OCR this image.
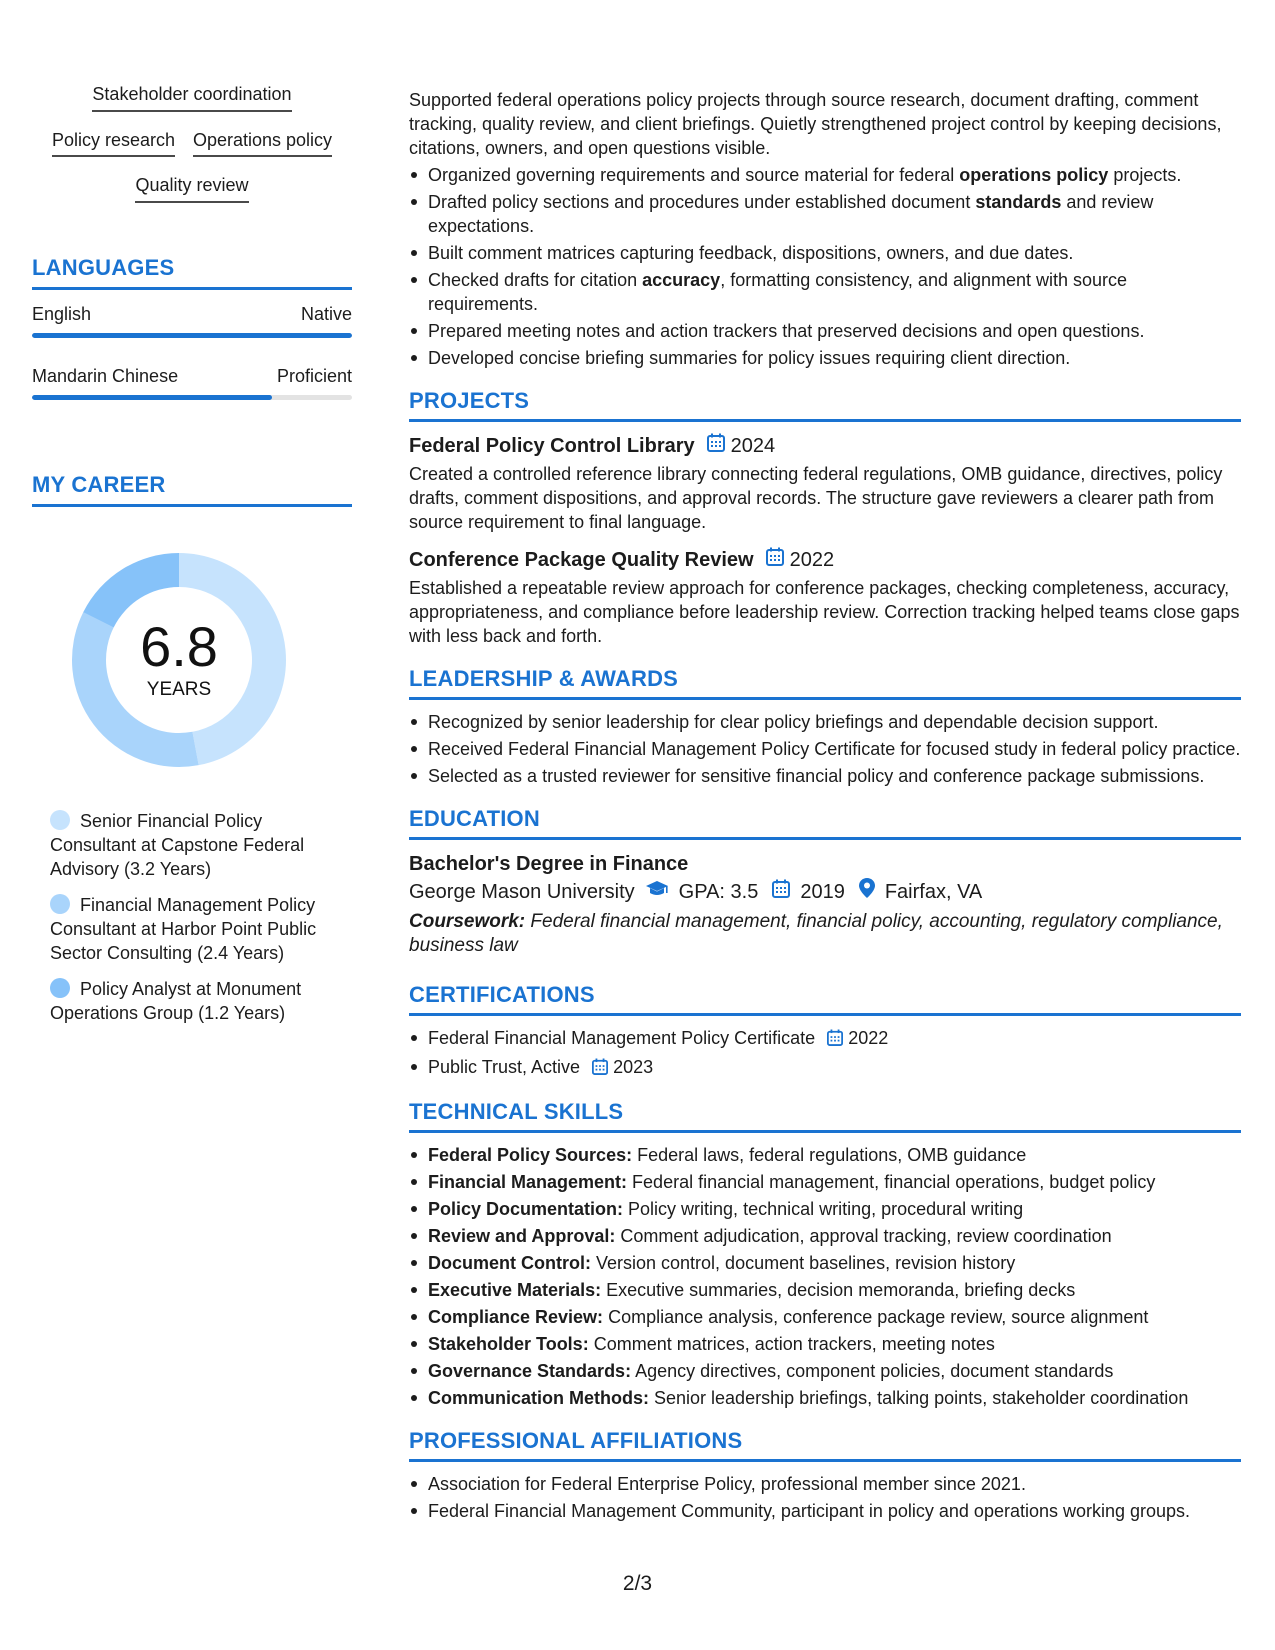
Stakeholder coordination
Policy research Operations policy
Quality review
LANGUAGES
English	Native
Mandarin Chinese	Proficient
MY CAREER
6.8
YEARS
Senior Financial Policy Consultant at Capstone Federal Advisory (3.2 Years)
Financial Management Policy Consultant at Harbor Point Public Sector Consulting (2.4 Years)
Policy Analyst at Monument Operations Group (1.2 Years)
Supported federal operations policy projects through source research, document drafting, comment tracking, quality review, and client briefings. Quietly strengthened project control by keeping decisions, citations, owners, and open questions visible.
Organized governing requirements and source material for federal operations policy projects.
Drafted policy sections and procedures under established document standards and review expectations.
Built comment matrices capturing feedback, dispositions, owners, and due dates.
Checked drafts for citation accuracy, formatting consistency, and alignment with source requirements.
Prepared meeting notes and action trackers that preserved decisions and open questions.
Developed concise briefing summaries for policy issues requiring client direction.
PROJECTS
Federal Policy Control Library 2024
Created a controlled reference library connecting federal regulations, OMB guidance, directives, policy drafts, comment dispositions, and approval records. The structure gave reviewers a clearer path from source requirement to final language.
Conference Package Quality Review 2022
Established a repeatable review approach for conference packages, checking completeness, accuracy, appropriateness, and compliance before leadership review. Correction tracking helped teams close gaps with less back and forth.
LEADERSHIP & AWARDS
Recognized by senior leadership for clear policy briefings and dependable decision support.
Received Federal Financial Management Policy Certificate for focused study in federal policy practice.
Selected as a trusted reviewer for sensitive financial policy and conference package submissions.
EDUCATION
Bachelor's Degree in Finance
George Mason University GPA: 3.5 2019 Fairfax, VA
Coursework: Federal financial management, financial policy, accounting, regulatory compliance, business law
CERTIFICATIONS
Federal Financial Management Policy Certificate 2022
Public Trust, Active 2023
TECHNICAL SKILLS
Federal Policy Sources: Federal laws, federal regulations, OMB guidance
Financial Management: Federal financial management, financial operations, budget policy
Policy Documentation: Policy writing, technical writing, procedural writing
Review and Approval: Comment adjudication, approval tracking, review coordination
Document Control: Version control, document baselines, revision history
Executive Materials: Executive summaries, decision memoranda, briefing decks
Compliance Review: Compliance analysis, conference package review, source alignment
Stakeholder Tools: Comment matrices, action trackers, meeting notes
Governance Standards: Agency directives, component policies, document standards
Communication Methods: Senior leadership briefings, talking points, stakeholder coordination
PROFESSIONAL AFFILIATIONS
Association for Federal Enterprise Policy, professional member since 2021.
Federal Financial Management Community, participant in policy and operations working groups.
2/3
